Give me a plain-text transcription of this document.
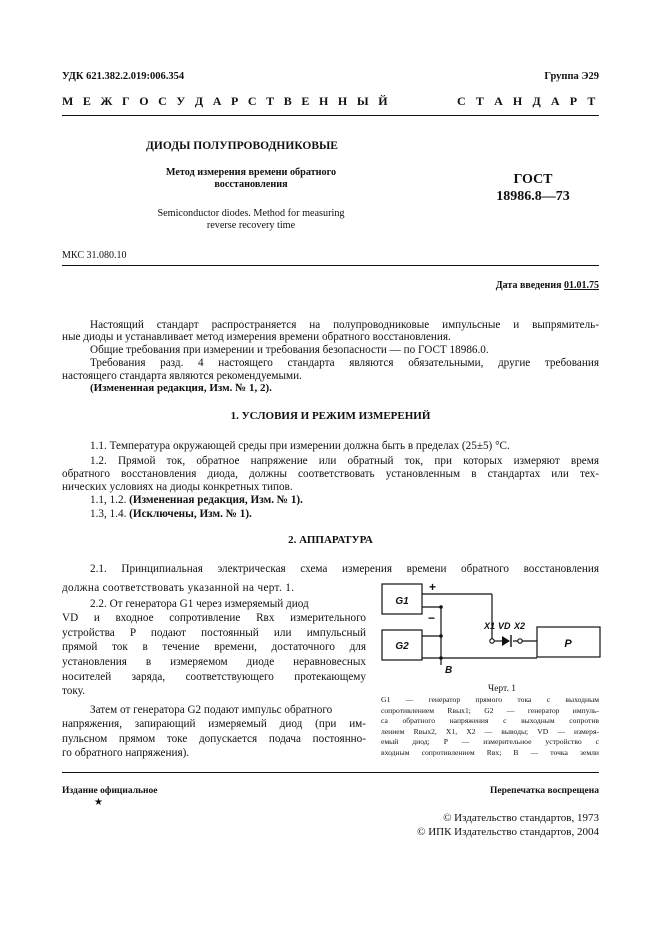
УДК 621.382.2.019:006.354	Группа Э29
М Е Ж Г О С У Д А Р С Т В Е Н Н Ы Й	С Т А Н Д А Р Т
ДИОДЫ ПОЛУПРОВОДНИКОВЫЕ
Метод измерения времени обратного
восстановления
Semiconductor diodes. Method for measuring
reverse recovery time
ГОСТ
18986.8—73
МКС 31.080.10
Дата введения 01.01.75
Настоящий стандарт распространяется на полупроводниковые импульсные и выпрямитель-
ные диоды и устанавливает метод измерения времени обратного восстановления.
Общие требования при измерении и требования безопасности — по ГОСТ 18986.0.
Требования разд. 4 настоящего стандарта являются обязательными, другие требования
настоящего стандарта являются рекомендуемыми.
(Измененная редакция, Изм. № 1, 2).
1. УСЛОВИЯ И РЕЖИМ ИЗМЕРЕНИЙ
1.1. Температура окружающей среды при измерении должна быть в пределах (25±5) °С.
1.2. Прямой ток, обратное напряжение или обратный ток, при которых измеряют время
обратного восстановления диода, должны соответствовать установленным в стандартах или тех-
нических условиях на диоды конкретных типов.
1.1, 1.2. (Измененная редакция, Изм. № 1).
1.3, 1.4. (Исключены, Изм. № 1).
2. АППАРАТУРА
2.1. Принципиальная электрическая схема измерения времени обратного восстановления
должна соответствовать указанной на черт. 1.
2.2. От генератора G1 через измеряемый диод
VD и входное сопротивление Rвх измерительного
устройства P подают постоянный или импульсный
прямой ток в течение времени, достаточного для
установления в измеряемом диоде неравновесных
носителей заряда, соответствующего протекающему
току.
Затем от генератора G2 подают импульс обратного
напряжения, запирающий измеряемый диод (при им-
пульсном прямом токе допускается подача постоянно-
го обратного напряжения).
G1
G2	P
+
−
X1 VD X2
B
Черт. 1
G1 — генератор прямого тока с выходным
сопротивлением Rвых1; G2 — генератор импуль-
са обратного напряжения с выходным сопротив
лением Rвых2, X1, X2 — выводы; VD — измеря-
емый диод; P — измерительное устройство с
входным сопротивлением Rвх; B — точка земли
Издание официальное
★
Перепечатка воспрещена
© Издательство стандартов, 1973
© ИПК Издательство стандартов, 2004
